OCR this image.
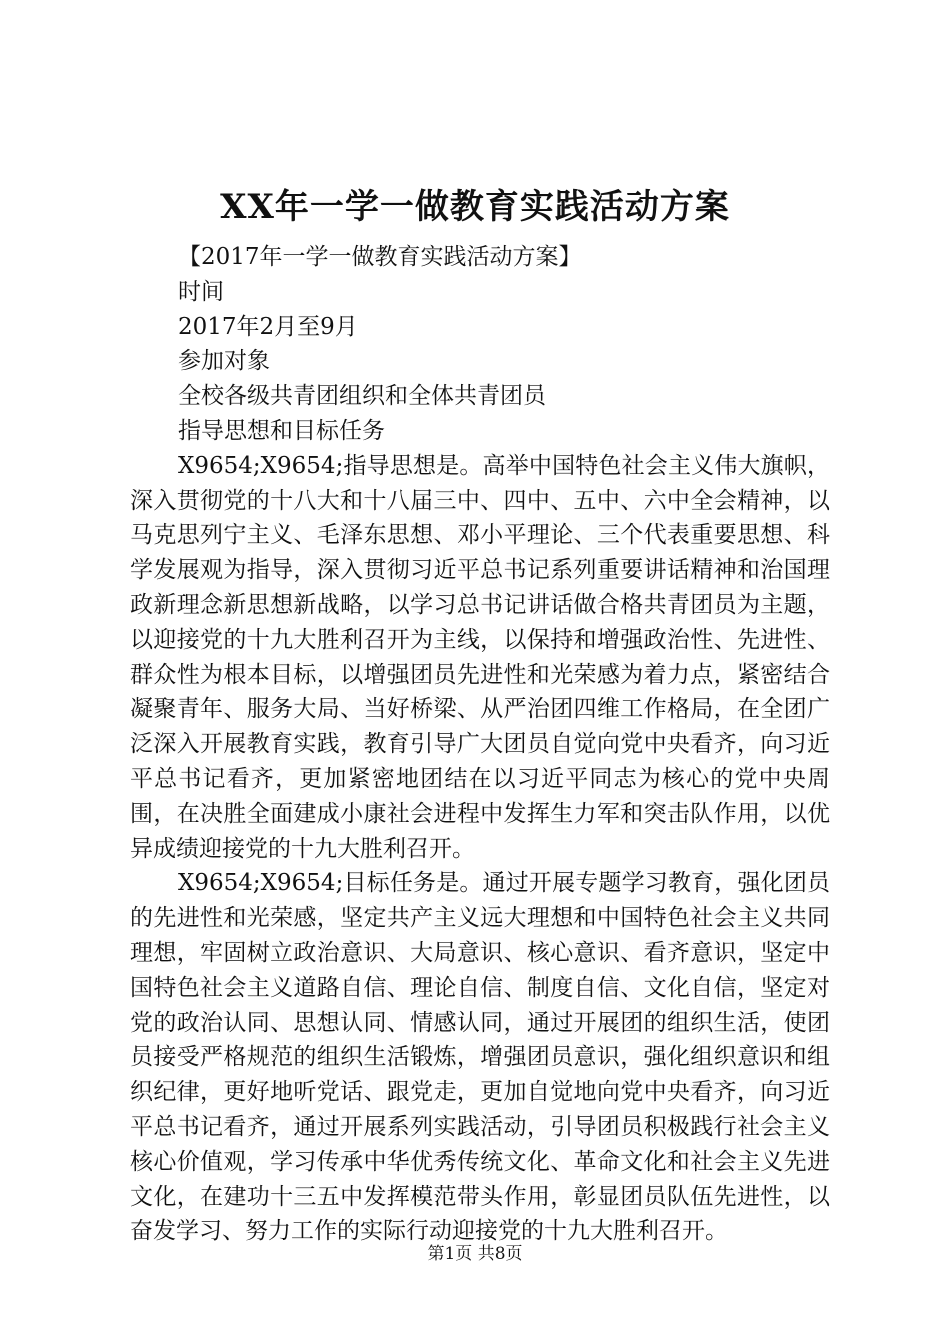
XX年一学一做教育实践活动方案

【2017年一学一做教育实践活动方案】

时间

2017年2月至9月

参加对象

全校各级共青团组织和全体共青团员

指导思想和目标任务

X9654;X9654;指导思想是。高举中国特色社会主义伟大旗帜，深入贯彻党的十八大和十八届三中、四中、五中、六中全会精神，以马克思列宁主义、毛泽东思想、邓小平理论、三个代表重要思想、科学发展观为指导，深入贯彻习近平总书记系列重要讲话精神和治国理政新理念新思想新战略，以学习总书记讲话做合格共青团员为主题，以迎接党的十九大胜利召开为主线，以保持和增强政治性、先进性、群众性为根本目标，以增强团员先进性和光荣感为着力点，紧密结合凝聚青年、服务大局、当好桥梁、从严治团四维工作格局，在全团广泛深入开展教育实践，教育引导广大团员自觉向党中央看齐，向习近平总书记看齐，更加紧密地团结在以习近平同志为核心的党中央周围，在决胜全面建成小康社会进程中发挥生力军和突击队作用，以优异成绩迎接党的十九大胜利召开。

X9654;X9654;目标任务是。通过开展专题学习教育，强化团员的先进性和光荣感，坚定共产主义远大理想和中国特色社会主义共同理想，牢固树立政治意识、大局意识、核心意识、看齐意识，坚定中国特色社会主义道路自信、理论自信、制度自信、文化自信，坚定对党的政治认同、思想认同、情感认同，通过开展团的组织生活，使团员接受严格规范的组织生活锻炼，增强团员意识，强化组织意识和组织纪律，更好地听党话、跟党走，更加自觉地向党中央看齐，向习近平总书记看齐，通过开展系列实践活动，引导团员积极践行社会主义核心价值观，学习传承中华优秀传统文化、革命文化和社会主义先进文化，在建功十三五中发挥模范带头作用，彰显团员队伍先进性，以奋发学习、努力工作的实际行动迎接党的十九大胜利召开。

第1页 共8页
